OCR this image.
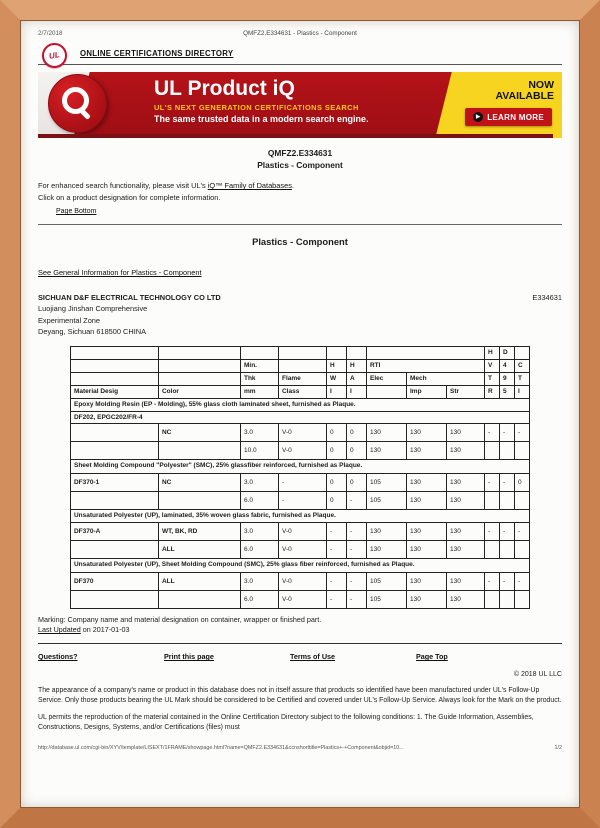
2/7/2018	QMFZ2.E334631 - Plastics - Component
UL ONLINE CERTIFICATIONS DIRECTORY
UL Product iQ
UL'S NEXT GENERATION CERTIFICATIONS SEARCH
The same trusted data in a modern search engine.
NOW
AVAILABLE
▶ LEARN MORE
QMFZ2.E334631
Plastics - Component
For enhanced search functionality, please visit UL's iQ™ Family of Databases.
Click on a product designation for complete information.
Page Bottom
Plastics - Component
See General Information for Plastics - Component
SICHUAN D&F ELECTRICAL TECHNOLOGY CO LTD	E334631
Luojiang Jinshan Comprehensive
Experimental Zone
Deyang, Sichuan 618500 CHINA
									H	D	
		Min.		H	H	RTI			V	4	C
		Thk	Flame	W	A	Elec	Mech		T	9	T
Material Desig	Color	mm	Class	I	I		Imp	Str	R	5	I
Epoxy Molding Resin (EP - Molding), 55% glass cloth laminated sheet, furnished as Plaque.											
DF202, EPGC202/FR-4											
	NC	3.0	V-0	0	0	130	130	130	-	-	-
		10.0	V-0	0	0	130	130	130			
Sheet Molding Compound "Polyester" (SMC), 25% glassfiber reinforced, furnished as Plaque.											
DF370-1	NC	3.0	-	0	0	105	130	130	-	-	0
		6.0	-	0	-	105	130	130			
Unsaturated Polyester (UP), laminated, 35% woven glass fabric, furnished as Plaque.											
DF370-A	WT, BK, RD	3.0	V-0	-	-	130	130	130	-	-	-
	ALL	6.0	V-0	-	-	130	130	130			
Unsaturated Polyester (UP), Sheet Molding Compound (SMC), 25% glass fiber reinforced, furnished as Plaque.											
DF370	ALL	3.0	V-0	-	-	105	130	130	-	-	-
		6.0	V-0	-	-	105	130	130			
Marking: Company name and material designation on container, wrapper or finished part.
Last Updated on 2017-01-03
Questions?	Print this page	Terms of Use	Page Top
© 2018 UL LLC
The appearance of a company's name or product in this database does not in itself assure that products so identified have been manufactured under UL's Follow-Up Service. Only those products bearing the UL Mark should be considered to be Certified and covered under UL's Follow-Up Service. Always look for the Mark on the product.
UL permits the reproduction of the material contained in the Online Certification Directory subject to the following conditions: 1. The Guide Information, Assemblies, Constructions, Designs, Systems, and/or Certifications (files) must
http://database.ul.com/cgi-bin/XYV/template/LISEXT/1FRAME/showpage.html?name=QMFZ2.E334631&ccnshorttitle=Plastics+-+Component&objid=10...	1/2
